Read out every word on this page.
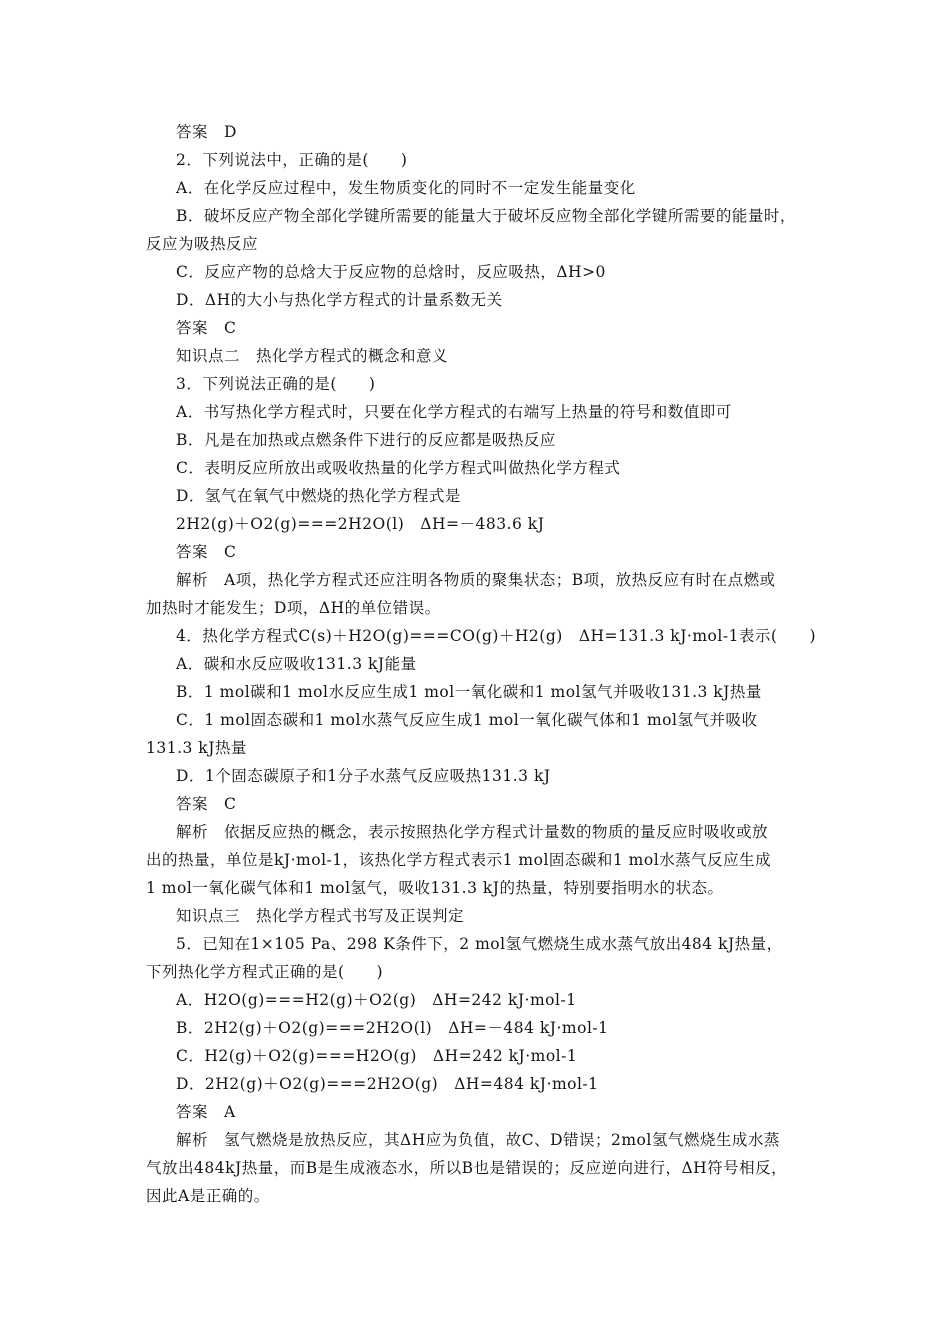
答案　D
2．下列说法中，正确的是(　　)
A．在化学反应过程中，发生物质变化的同时不一定发生能量变化
B．破坏反应产物全部化学键所需要的能量大于破坏反应物全部化学键所需要的能量时，
反应为吸热反应
C．反应产物的总焓大于反应物的总焓时，反应吸热，ΔH>0
D．ΔH的大小与热化学方程式的计量系数无关
答案　C
知识点二　热化学方程式的概念和意义
3．下列说法正确的是(　　)
A．书写热化学方程式时，只要在化学方程式的右端写上热量的符号和数值即可
B．凡是在加热或点燃条件下进行的反应都是吸热反应
C．表明反应所放出或吸收热量的化学方程式叫做热化学方程式
D．氢气在氧气中燃烧的热化学方程式是
2H2(g)＋O2(g)===2H2O(l)　ΔH=－483.6 kJ
答案　C
解析　A项，热化学方程式还应注明各物质的聚集状态；B项，放热反应有时在点燃或
加热时才能发生；D项，ΔH的单位错误。
4．热化学方程式C(s)＋H2O(g)===CO(g)＋H2(g)　ΔH=131.3 kJ·mol-1表示(　　)
A．碳和水反应吸收131.3 kJ能量
B．1 mol碳和1 mol水反应生成1 mol一氧化碳和1 mol氢气并吸收131.3 kJ热量
C．1 mol固态碳和1 mol水蒸气反应生成1 mol一氧化碳气体和1 mol氢气并吸收
131.3 kJ热量
D．1个固态碳原子和1分子水蒸气反应吸热131.3 kJ
答案　C
解析　依据反应热的概念，表示按照热化学方程式计量数的物质的量反应时吸收或放
出的热量，单位是kJ·mol-1，该热化学方程式表示1 mol固态碳和1 mol水蒸气反应生成
1 mol一氧化碳气体和1 mol氢气，吸收131.3 kJ的热量，特别要指明水的状态。
知识点三　热化学方程式书写及正误判定
5．已知在1×105 Pa、298 K条件下，2 mol氢气燃烧生成水蒸气放出484 kJ热量，
下列热化学方程式正确的是(　　)
A．H2O(g)===H2(g)＋O2(g)　ΔH=242 kJ·mol-1
B．2H2(g)＋O2(g)===2H2O(l)　ΔH=－484 kJ·mol-1
C．H2(g)＋O2(g)===H2O(g)　ΔH=242 kJ·mol-1
D．2H2(g)＋O2(g)===2H2O(g)　ΔH=484 kJ·mol-1
答案　A
解析　氢气燃烧是放热反应，其ΔH应为负值，故C、D错误；2mol氢气燃烧生成水蒸
气放出484kJ热量，而B是生成液态水，所以B也是错误的；反应逆向进行，ΔH符号相反，
因此A是正确的。
